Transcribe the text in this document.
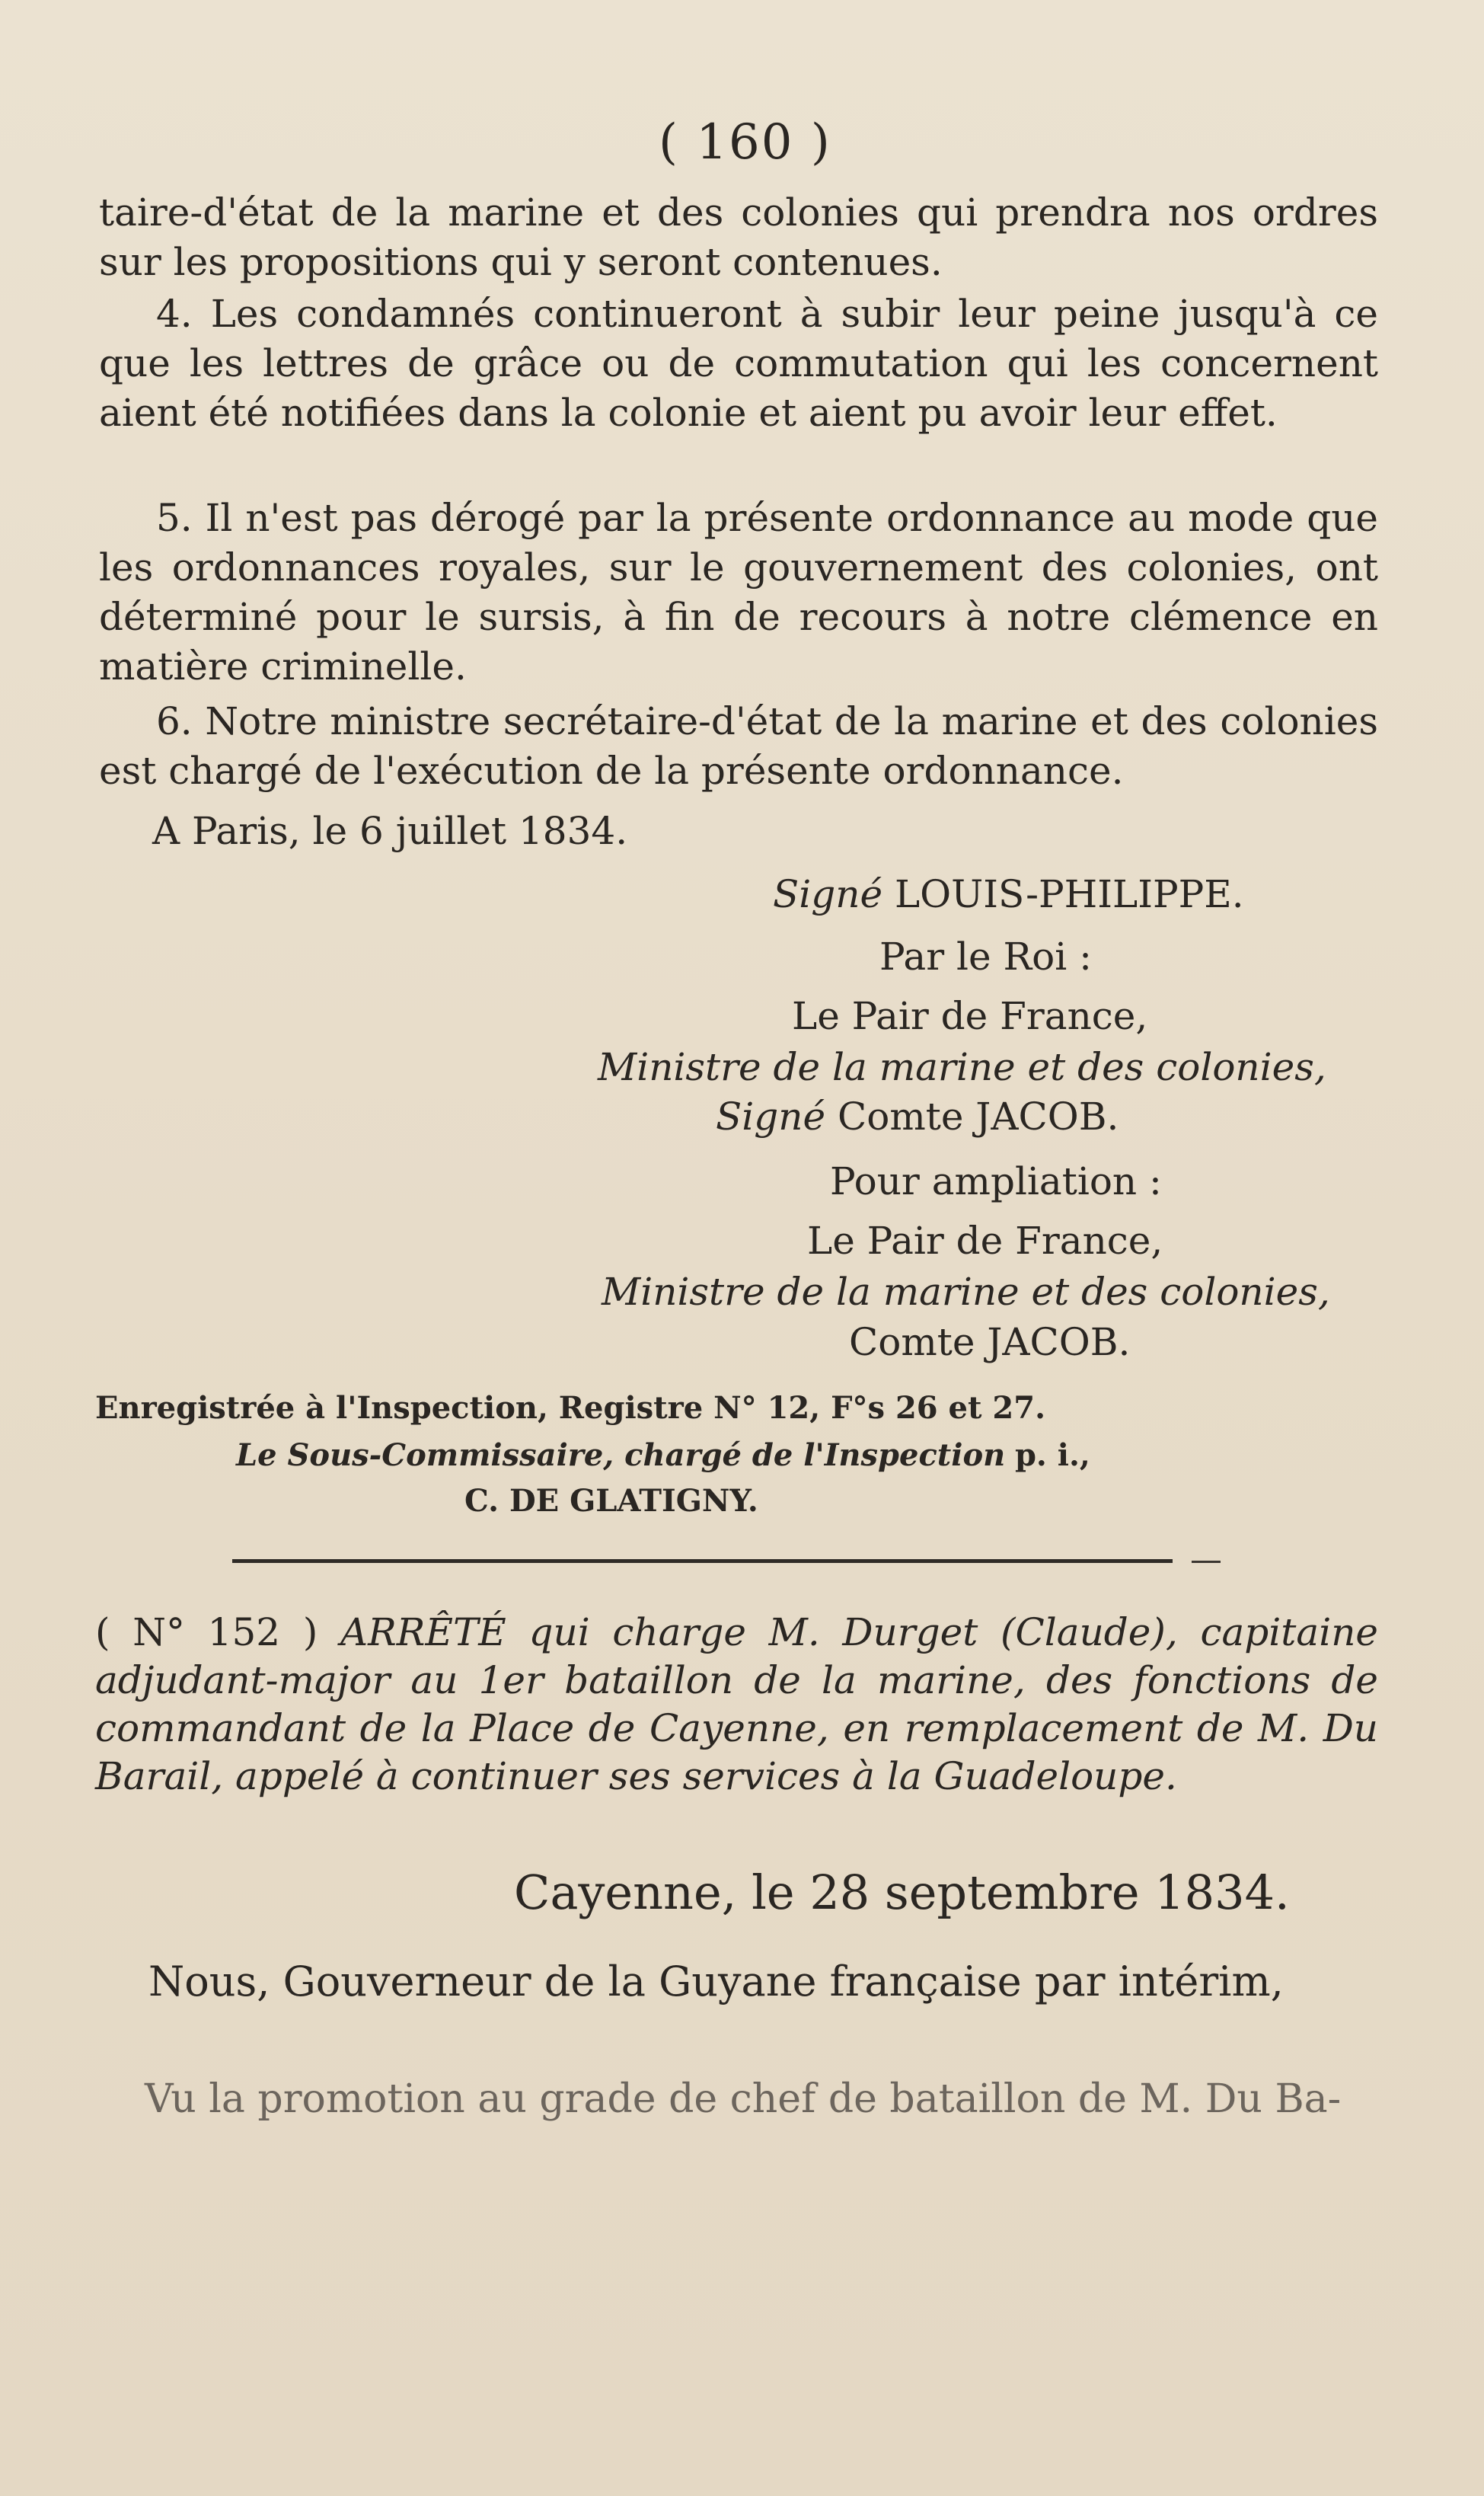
( 160 )

taire-d'état de la marine et des colonies qui prendra nos ordres sur les propositions qui y seront contenues.

4. Les condamnés continueront à subir leur peine jusqu'à ce que les lettres de grâce ou de commutation qui les concernent aient été notifiées dans la colonie et aient pu avoir leur effet.

5. Il n'est pas dérogé par la présente ordonnance au mode que les ordonnances royales, sur le gouvernement des colonies, ont déterminé pour le sursis, à fin de recours à notre clémence en matière criminelle.

6. Notre ministre secrétaire-d'état de la marine et des colonies est chargé de l'exécution de la présente ordonnance.

A Paris, le 6 juillet 1834.
Signé LOUIS-PHILIPPE.
Par le Roi :
Le Pair de France,
Ministre de la marine et des colonies,
Signé Comte JACOB.
Pour ampliation :
Le Pair de France,
Ministre de la marine et des colonies,
Comte JACOB.
Enregistrée à l'Inspection, Registre N° 12, F°s 26 et 27.
Le Sous-Commissaire, chargé de l'Inspection p. i.,
C. DE GLATIGNY.
( N° 152 ) ARRÊTÉ qui charge M. Durget (Claude), capitaine adjudant-major au 1er bataillon de la marine, des fonctions de commandant de la Place de Cayenne, en remplacement de M. Du Barail, appelé à continuer ses services à la Guadeloupe.
Cayenne, le 28 septembre 1834.
Nous, Gouverneur de la Guyane française par intérim,
Vu la promotion au grade de chef de bataillon de M. Du Ba-
